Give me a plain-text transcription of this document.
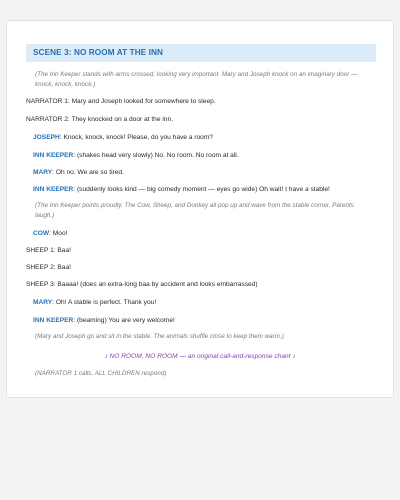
SCENE 3: NO ROOM AT THE INN
(The Inn Keeper stands with arms crossed, looking very important. Mary and Joseph knock on an imaginary door — knock, knock, knock.)
NARRATOR 1: Mary and Joseph looked for somewhere to sleep.
NARRATOR 2: They knocked on a door at the inn.
JOSEPH: Knock, knock, knock! Please, do you have a room?
INN KEEPER: (shakes head very slowly) No. No room. No room at all.
MARY: Oh no. We are so tired.
INN KEEPER: (suddenly looks kind — big comedy moment — eyes go wide) Oh wait! I have a stable!
(The Inn Keeper points proudly. The Cow, Sheep, and Donkey all pop up and wave from the stable corner. Parents laugh.)
COW: Moo!
SHEEP 1: Baa!
SHEEP 2: Baa!
SHEEP 3: Baaaa! (does an extra-long baa by accident and looks embarrassed)
MARY: Oh! A stable is perfect. Thank you!
INN KEEPER: (beaming) You are very welcome!
(Mary and Joseph go and sit in the stable. The animals shuffle close to keep them warm.)
♪ NO ROOM, NO ROOM — an original call-and-response chant ♪
(NARRATOR 1 calls, ALL CHILDREN respond)
